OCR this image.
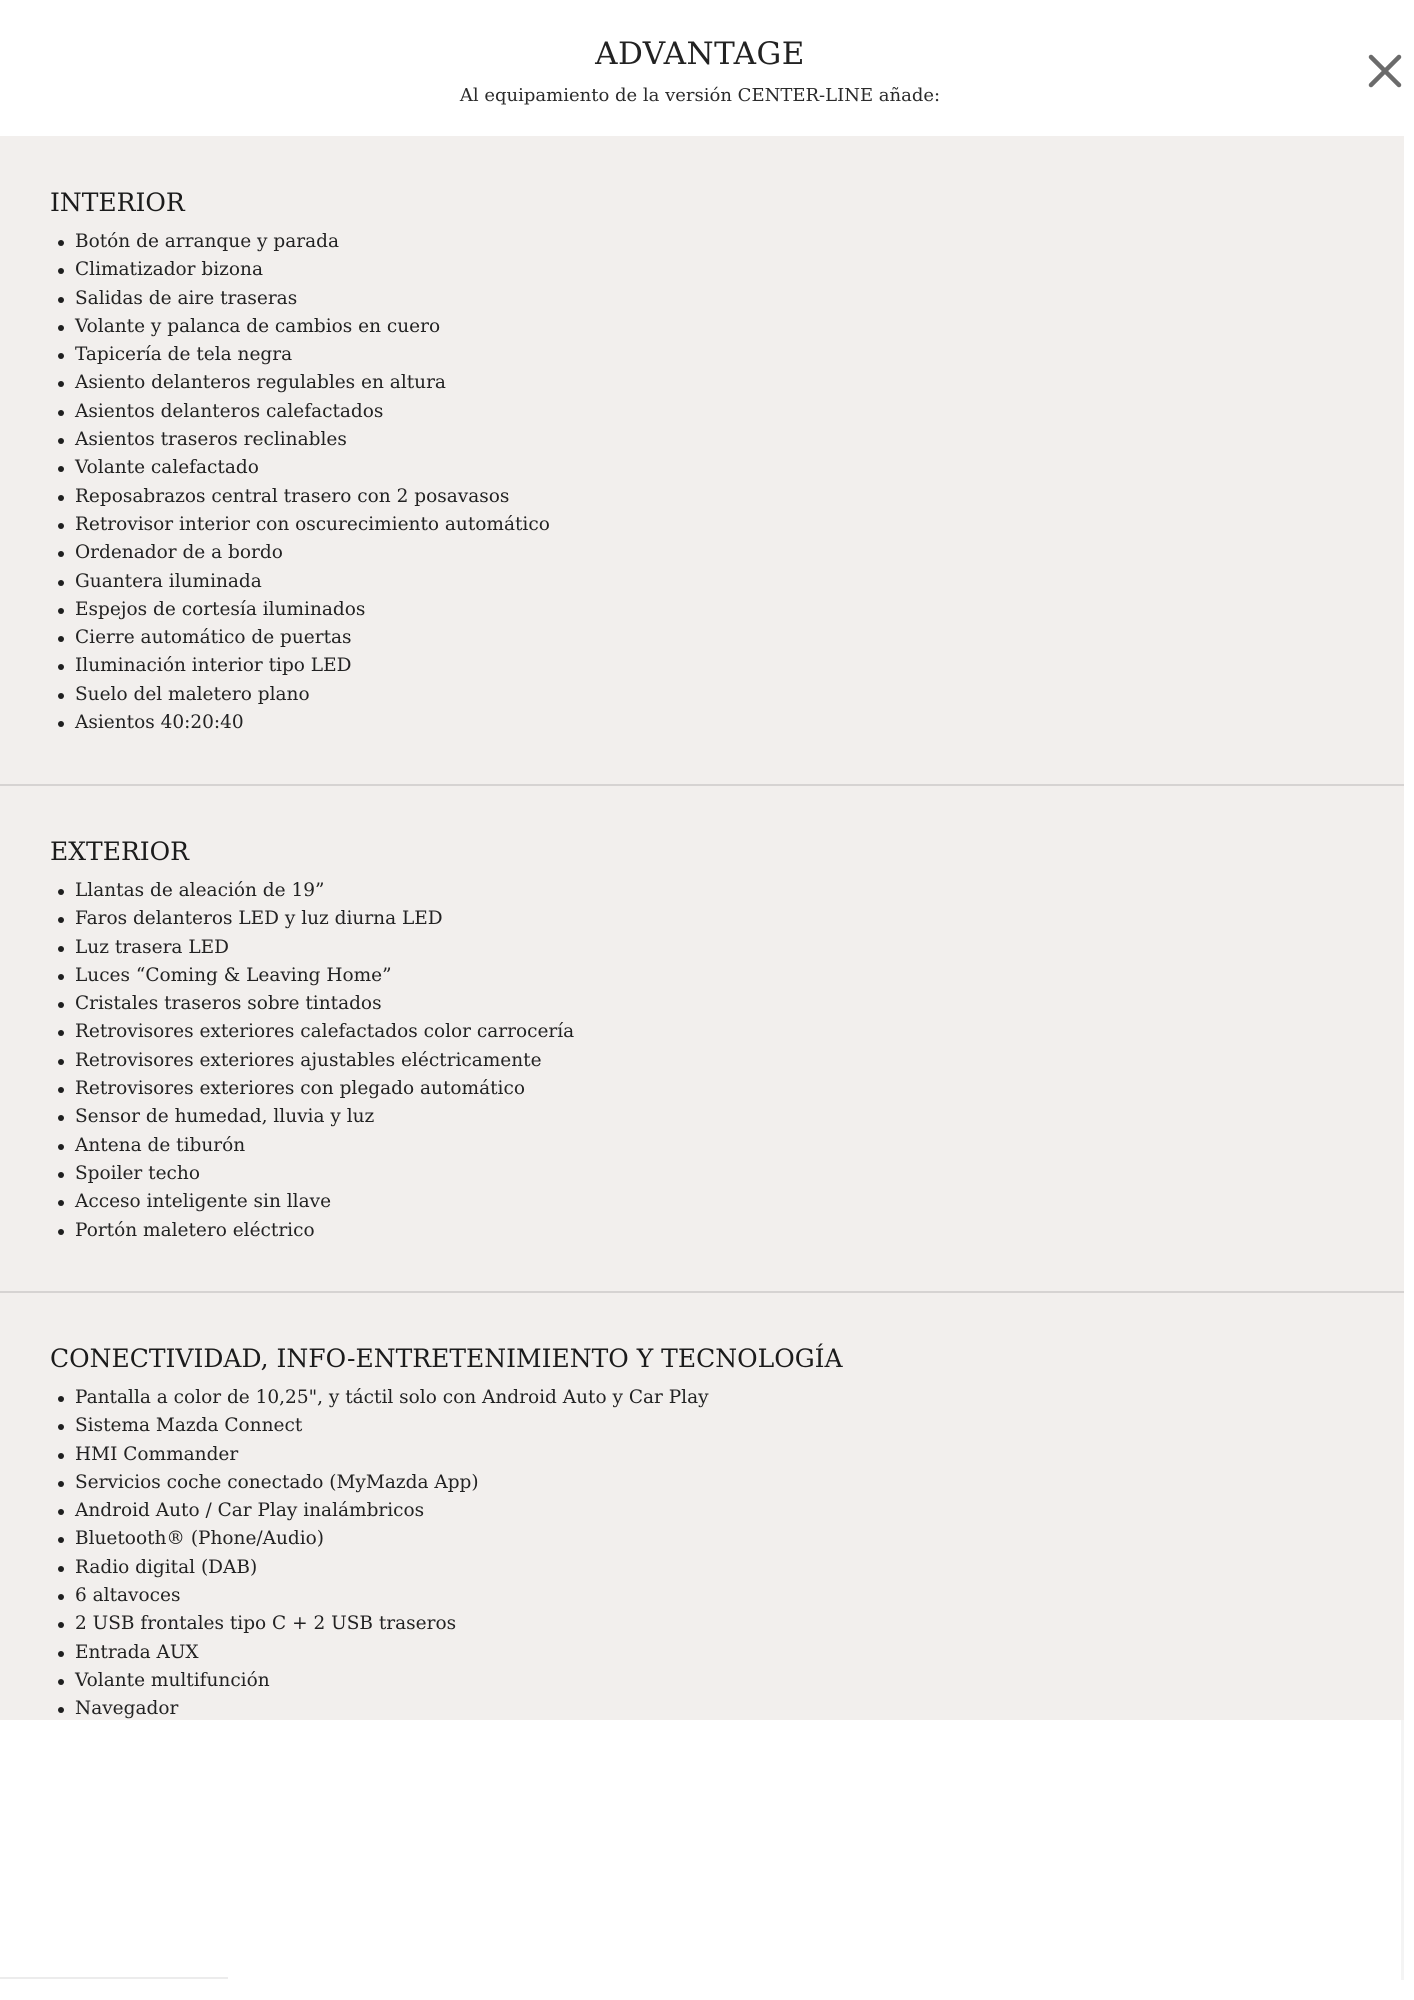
ADVANTAGE
Al equipamiento de la versión CENTER-LINE añade:
INTERIOR
Botón de arranque y parada
Climatizador bizona
Salidas de aire traseras
Volante y palanca de cambios en cuero
Tapicería de tela negra
Asiento delanteros regulables en altura
Asientos delanteros calefactados
Asientos traseros reclinables
Volante calefactado
Reposabrazos central trasero con 2 posavasos
Retrovisor interior con oscurecimiento automático
Ordenador de a bordo
Guantera iluminada
Espejos de cortesía iluminados
Cierre automático de puertas
Iluminación interior tipo LED
Suelo del maletero plano
Asientos 40:20:40
EXTERIOR
Llantas de aleación de 19”
Faros delanteros LED y luz diurna LED
Luz trasera LED
Luces “Coming & Leaving Home”
Cristales traseros sobre tintados
Retrovisores exteriores calefactados color carrocería
Retrovisores exteriores ajustables eléctricamente
Retrovisores exteriores con plegado automático
Sensor de humedad, lluvia y luz
Antena de tiburón
Spoiler techo
Acceso inteligente sin llave
Portón maletero eléctrico
CONECTIVIDAD, INFO-ENTRETENIMIENTO Y TECNOLOGÍA
Pantalla a color de 10,25", y táctil solo con Android Auto y Car Play
Sistema Mazda Connect
HMI Commander
Servicios coche conectado (MyMazda App)
Android Auto / Car Play inalámbricos
Bluetooth® (Phone/Audio)
Radio digital (DAB)
6 altavoces
2 USB frontales tipo C + 2 USB traseros
Entrada AUX
Volante multifunción
Navegador
